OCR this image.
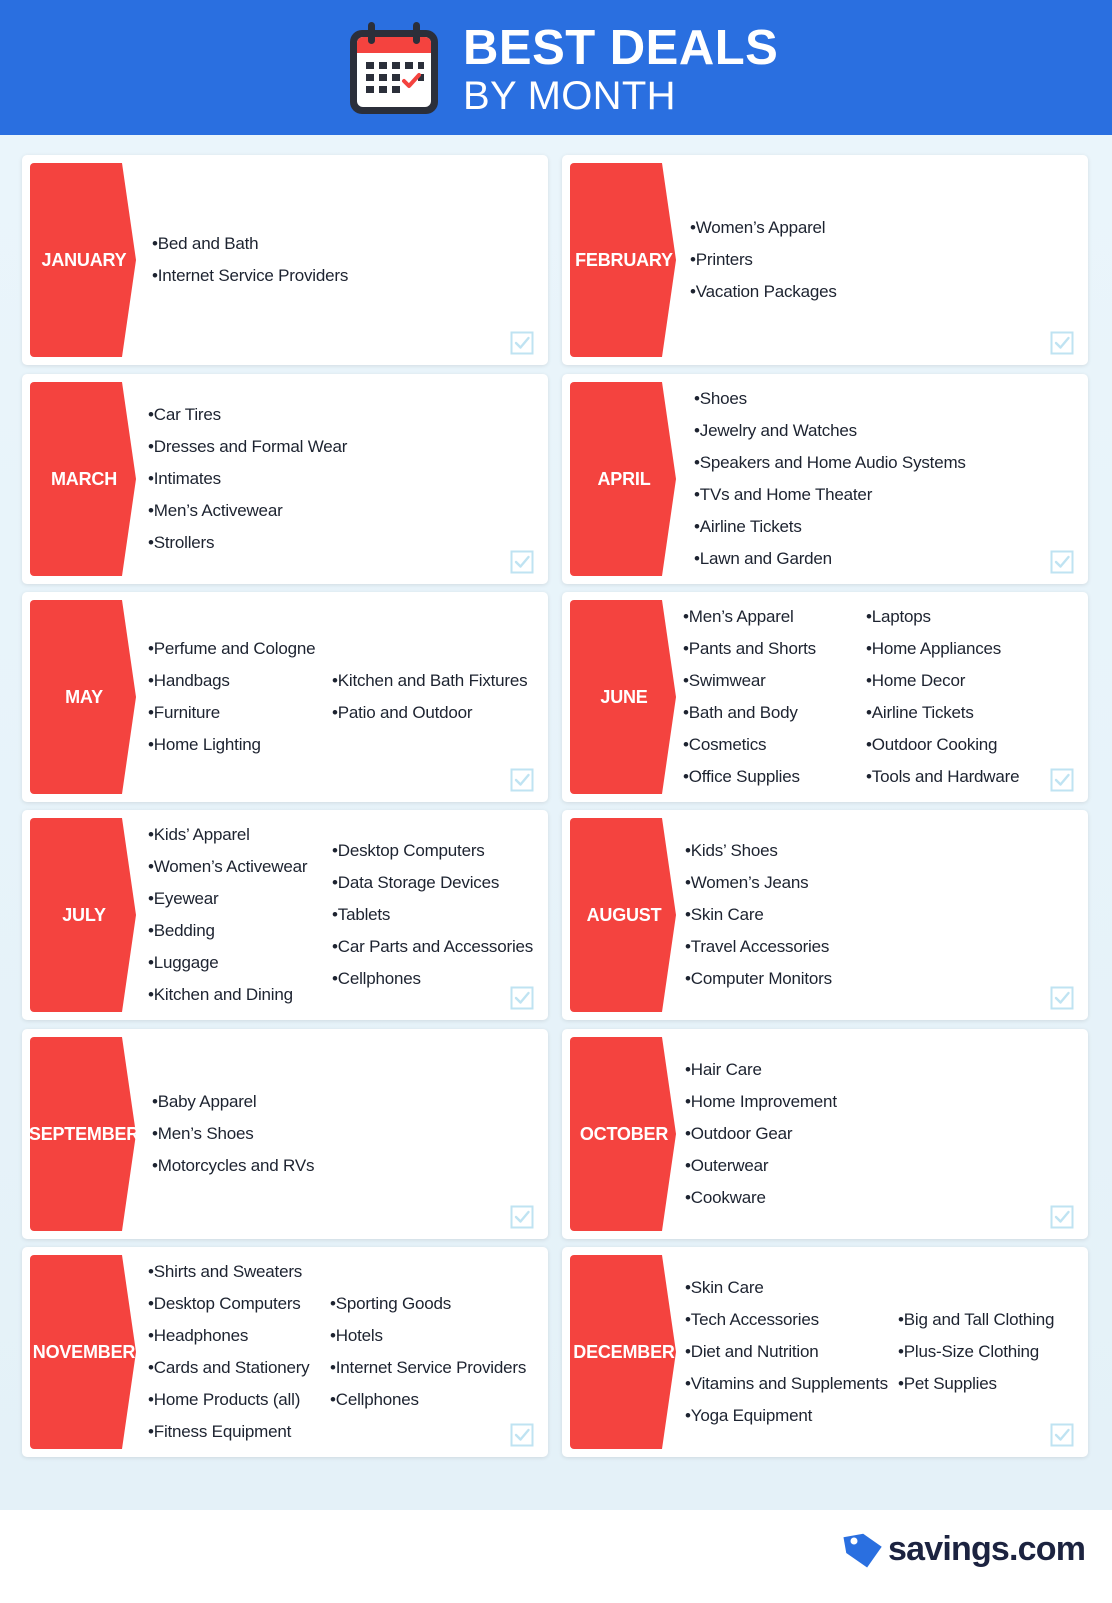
BEST DEALS
BY MONTH
JANUARY
• Bed and Bath
• Internet Service Providers
FEBRUARY
• Women’s Apparel
• Printers
• Vacation Packages
MARCH
• Car Tires
• Dresses and Formal Wear
• Intimates
• Men’s Activewear
• Strollers
APRIL
• Shoes
• Jewelry and Watches
• Speakers and Home Audio Systems
• TVs and Home Theater
• Airline Tickets
• Lawn and Garden
MAY
• Perfume and Cologne
• Handbags
• Furniture
• Home Lighting
• Kitchen and Bath Fixtures
• Patio and Outdoor
JUNE
• Men’s Apparel
• Pants and Shorts
• Swimwear
• Bath and Body
• Cosmetics
• Office Supplies
• Laptops
• Home Appliances
• Home Decor
• Airline Tickets
• Outdoor Cooking
• Tools and Hardware
JULY
• Kids’ Apparel
• Women’s Activewear
• Eyewear
• Bedding
• Luggage
• Kitchen and Dining
• Desktop Computers
• Data Storage Devices
• Tablets
• Car Parts and Accessories
• Cellphones
AUGUST
• Kids’ Shoes
• Women’s Jeans
• Skin Care
• Travel Accessories
• Computer Monitors
SEPTEMBER
• Baby Apparel
• Men’s Shoes
• Motorcycles and RVs
OCTOBER
• Hair Care
• Home Improvement
• Outdoor Gear
• Outerwear
• Cookware
NOVEMBER
• Shirts and Sweaters
• Desktop Computers
• Headphones
• Cards and Stationery
• Home Products (all)
• Fitness Equipment
• Sporting Goods
• Hotels
• Internet Service Providers
• Cellphones
DECEMBER
• Skin Care
• Tech Accessories
• Diet and Nutrition
• Vitamins and Supplements
• Yoga Equipment
• Big and Tall Clothing
• Plus-Size Clothing
• Pet Supplies
savings.com
